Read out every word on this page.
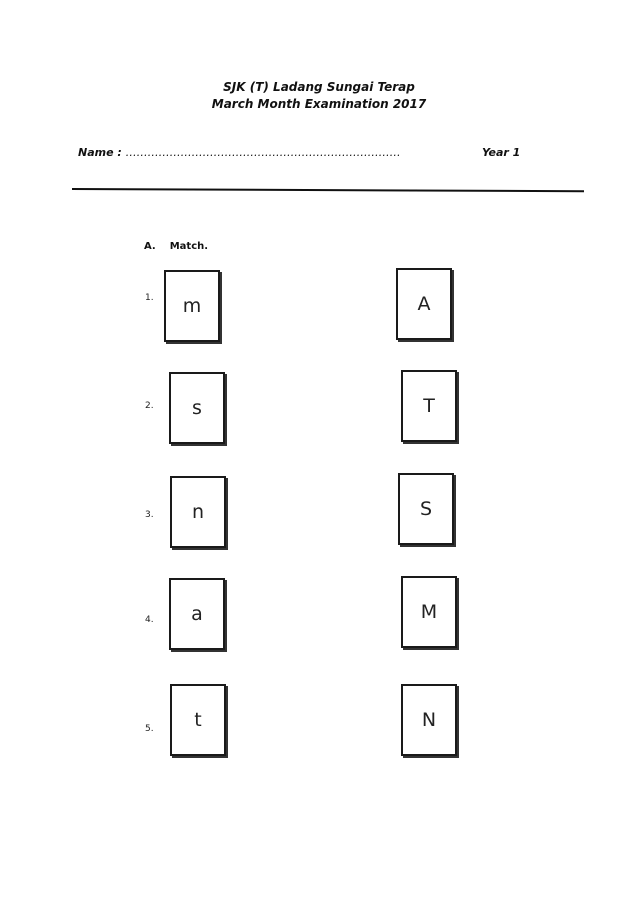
SJK (T) Ladang Sungai Terap
March Month Examination 2017
Name : …………………………………………………………………	Year 1
A. Match.
1.	m	A
2.	s	T
3.	n	S
4.	a	M
5.	t	N
